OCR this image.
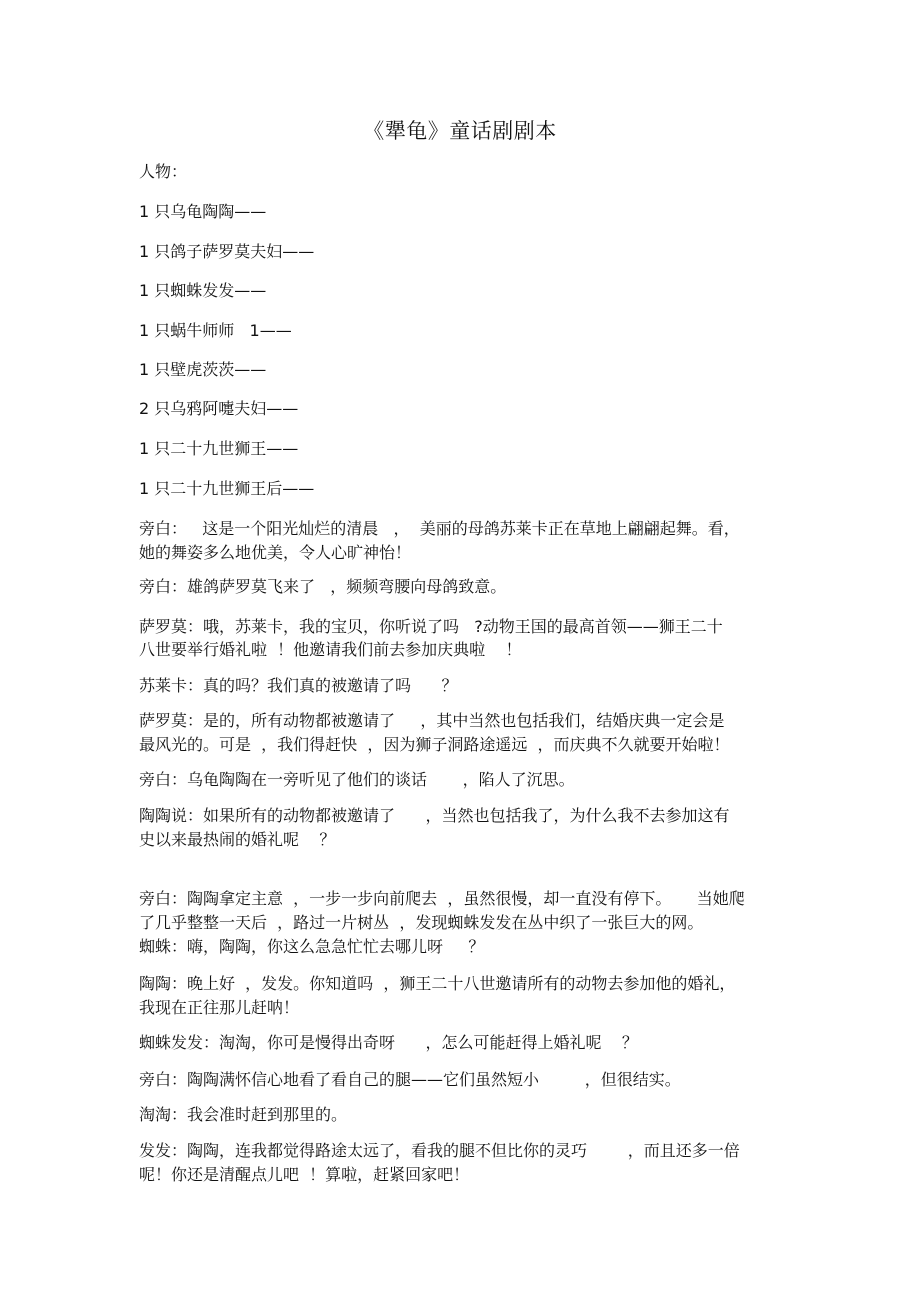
《犟龟》童话剧剧本
人物：
1 只乌龟陶陶——
1 只鸽子萨罗莫夫妇——
1 只蜘蛛发发——
1 只蜗牛师师   1——
1 只壁虎茨茨——
2 只乌鸦阿嚏夫妇——
1 只二十九世狮王——
1 只二十九世狮王后——
旁白：   这是一个阳光灿烂的清晨   ，  美丽的母鸽苏莱卡正在草地上翩翩起舞。看，
她的舞姿多么地优美，令人心旷神怡！
旁白：雄鸽萨罗莫飞来了   ，频频弯腰向母鸽致意。
萨罗莫：哦，苏莱卡，我的宝贝，你听说了吗   ?动物王国的最高首领——狮王二十
八世要举行婚礼啦  ！他邀请我们前去参加庆典啦    ！
苏莱卡：真的吗？我们真的被邀请了吗      ？
萨罗莫：是的，所有动物都被邀请了     ，其中当然也包括我们，结婚庆典一定会是
最风光的。可是  ，我们得赶快  ，因为狮子洞路途遥远  ，而庆典不久就要开始啦！
旁白：乌龟陶陶在一旁听见了他们的谈话       ，陷人了沉思。
陶陶说：如果所有的动物都被邀请了      ，当然也包括我了，为什么我不去参加这有
史以来最热闹的婚礼呢    ？
旁白：陶陶拿定主意  ，一步一步向前爬去  ，虽然很慢，却一直没有停下。     当她爬
了几乎整整一天后  ，路过一片树丛  ，发现蜘蛛发发在丛中织了一张巨大的网。
蜘蛛：嗨，陶陶，你这么急急忙忙去哪儿呀     ？
陶陶：晚上好  ，发发。你知道吗  ，狮王二十八世邀请所有的动物去参加他的婚礼，
我现在正往那儿赶呐！
蜘蛛发发：淘淘，你可是慢得出奇呀      ，怎么可能赶得上婚礼呢    ？
旁白：陶陶满怀信心地看了看自己的腿——它们虽然短小         ，但很结实。
淘淘：我会准时赶到那里的。
发发：陶陶，连我都觉得路途太远了，看我的腿不但比你的灵巧        ，而且还多一倍
呢！你还是清醒点儿吧  ！算啦，赶紧回家吧！
